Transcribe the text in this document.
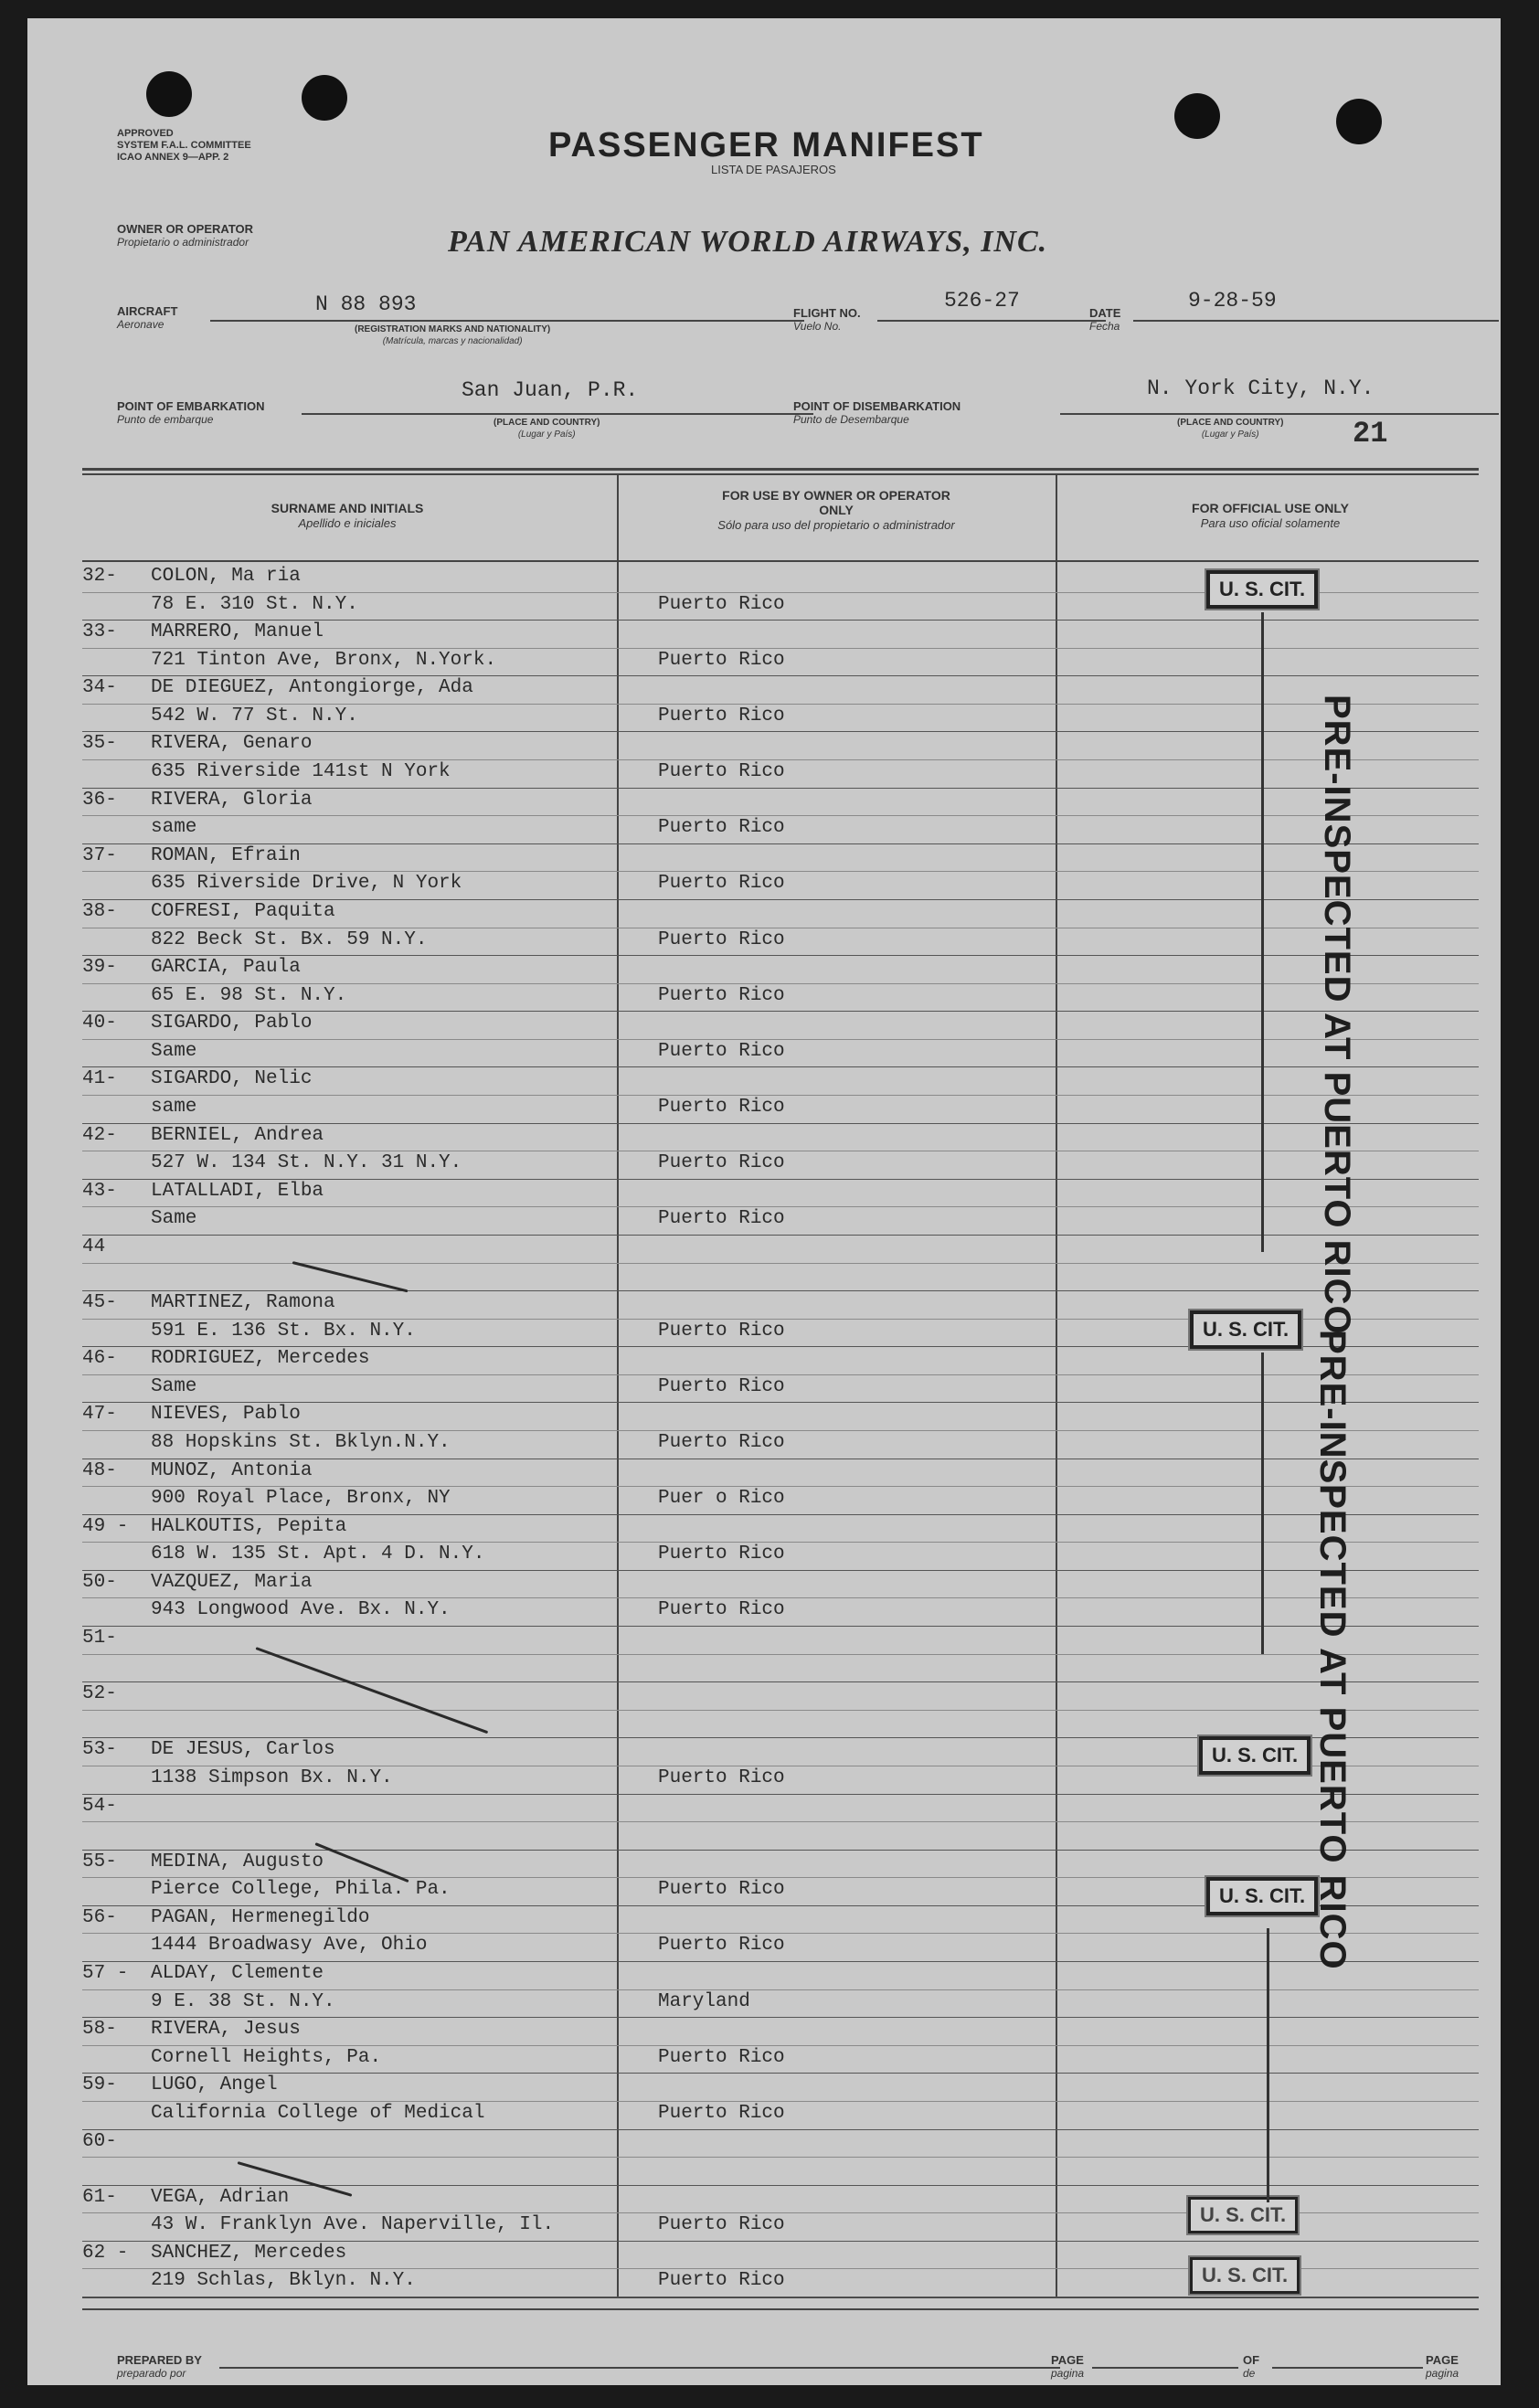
APPROVED
SYSTEM F.A.L. COMMITTEE
ICAO ANNEX 9—APP. 2	PASSENGER MANIFEST
LISTA DE PASAJEROS
OWNER OR OPERATOR
Propietario o administrador	PAN AMERICAN WORLD AIRWAYS, INC.
AIRCRAFT
Aeronave
N 88 893
(REGISTRATION MARKS AND NATIONALITY)
(Matrícula, marcas y nacionalidad)
FLIGHT NO.
Vuelo No.
526-27
DATE
Fecha
9-28-59
POINT OF EMBARKATION
Punto de embarque
San Juan, P.R.
(PLACE AND COUNTRY)
(Lugar y País)
POINT OF DISEMBARKATION
Punto de Desembarque
N. York City, N.Y.
(PLACE AND COUNTRY)
(Lugar y País)	21
SURNAME AND INITIALS
Apellido e iniciales
FOR USE BY OWNER OR OPERATOR ONLY
Sólo para uso del propietario o administrador
FOR OFFICIAL USE ONLY
Para uso oficial solamente
32- COLON, Ma ria
78 E. 310 St. N.Y.	Puerto Rico
33- MARRERO, Manuel
721 Tinton Ave, Bronx, N.York.	Puerto Rico
34- DE DIEGUEZ, Antongiorge, Ada
542 W. 77 St. N.Y.	Puerto Rico
35- RIVERA, Genaro
635 Riverside 141st N York	Puerto Rico
36- RIVERA, Gloria
same	Puerto Rico
37- ROMAN, Efrain
635 Riverside Drive, N York	Puerto Rico
38- COFRESI, Paquita
822 Beck St. Bx. 59 N.Y.	Puerto Rico
39- GARCIA, Paula
65 E. 98 St. N.Y.	Puerto Rico
40- SIGARDO, Pablo
Same	Puerto Rico
41- SIGARDO, Nelic
same	Puerto Rico
42- BERNIEL, Andrea
527 W. 134 St. N.Y. 31 N.Y.	Puerto Rico
43- LATALLADI, Elba
Same	Puerto Rico
44
45- MARTINEZ, Ramona
591 E. 136 St. Bx. N.Y.	Puerto Rico
46- RODRIGUEZ, Mercedes
Same	Puerto Rico
47- NIEVES, Pablo
88 Hopskins St. Bklyn.N.Y.	Puerto Rico
48- MUNOZ, Antonia
900 Royal Place, Bronx, NY	Puer o Rico
49 - HALKOUTIS, Pepita
618 W. 135 St. Apt. 4 D. N.Y.	Puerto Rico
50- VAZQUEZ, Maria
943 Longwood Ave. Bx. N.Y.	Puerto Rico
51-
52-
53- DE JESUS, Carlos
1138 Simpson Bx. N.Y.	Puerto Rico
54-
55- MEDINA, Augusto
Pierce College, Phila. Pa.	Puerto Rico
56- PAGAN, Hermenegildo
1444 Broadwasy Ave, Ohio	Puerto Rico
57 - ALDAY, Clemente
9 E. 38 St. N.Y.	Maryland
58- RIVERA, Jesus
Cornell Heights, Pa.	Puerto Rico
59- LUGO, Angel
California College of Medical	Puerto Rico
60-
61- VEGA, Adrian
43 W. Franklyn Ave. Naperville, Il.	Puerto Rico
62 - SANCHEZ, Mercedes
219 Schlas, Bklyn. N.Y.	Puerto Rico
U. S. CIT.
U. S. CIT.
U. S. CIT.
U. S. CIT.
U. S. CIT.
U. S. CIT.
PRE-INSPECTED AT PUERTO RICO
PRE-INSPECTED AT PUERTO RICO
PREPARED BY
preparado por
PAGE
pagina
OF
de
PAGE
pagina
